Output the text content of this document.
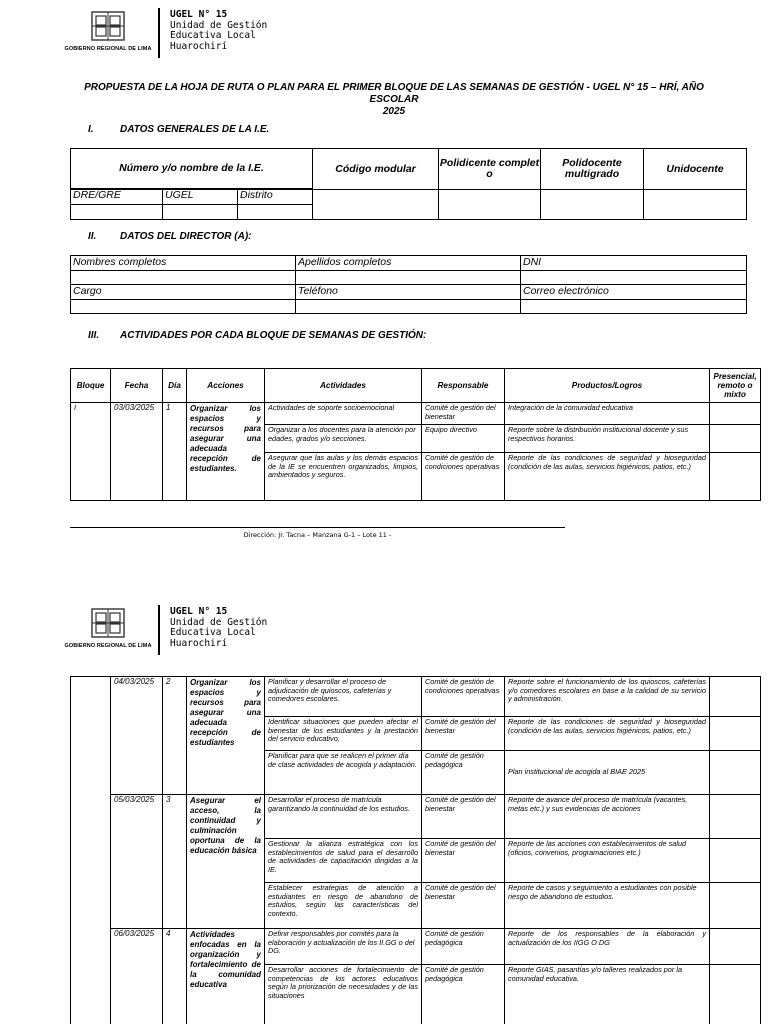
GOBIERNO REGIONAL DE LIMA
UGEL N° 15
Unidad de Gestión
Educativa Local
Huarochirí
PROPUESTA DE LA HOJA DE RUTA O PLAN PARA EL PRIMER BLOQUE DE LAS SEMANAS DE GESTIÓN - UGEL N° 15 – HRÍ, AÑO ESCOLAR
2025
I.	DATOS GENERALES DE LA I.E.
Número y/o nombre de la I.E.			Código modular	Polidicente complet o	Polidocente multigrado	Unidocente

DRE/GRE	UGEL	Distrito				

II. DATOS DEL DIRECTOR (A):
Nombres completos	Apellidos completos	DNI

Cargo	Teléfono	Correo electrónico

III. ACTIVIDADES POR CADA BLOQUE DE SEMANAS DE GESTIÓN:
Bloque	Fecha	Día	Acciones	Actividades	Responsable	Productos/Logros	Presencial, remoto o mixto
I	03/03/2025	1	Organizar los espacios y recursos para asegurar una adecuada recepción de estudiantes.	Actividades de soporte socioemocional	Comité de gestión del bienestar	Integración de la comunidad educativa	
				Organizar a los docentes para la atención por edades, grados y/o secciones.	Equipo directivo	Reporte sobre la distribución institucional docente y sus respectivos horarios.	
				Asegurar que las aulas y los demás espacios de la IE se encuentren organizados, limpios, ambientados y seguros.	Comité de gestión de condiciones operativas	Reporte de las condiciones de seguridad y bioseguridad (condición de las aulas, servicios higiénicos, patios, etc.)	
Dirección: Jr. Tacna – Manzana G-1 – Lote 11 -
GOBIERNO REGIONAL DE LIMA
UGEL N° 15
Unidad de Gestión
Educativa Local
Huarochirí
	04/03/2025	2	Organizar los espacios y recursos para asegurar una adecuada recepción de estudiantes	Planificar y desarrollar el proceso de adjudicación de quioscos, cafeterías y comedores escolares.	Comité de gestión de condiciones operativas	Reporte sobre el funcionamiento de los quioscos, cafeterías y/o comedores escolares en base a la calidad de su servicio y administración.	
				Identificar situaciones que pueden afectar el bienestar de los estudiantes y la prestación del servicio educativo.	Comité de gestión del bienestar	Reporte de las condiciones de seguridad y bioseguridad (condición de las aulas, servicios higiénicos, patios, etc.)	
				Planificar para que se realicen el primer día de clase actividades de acogida y adaptación.	Comité de gestión pedagógica	Plan institucional de acogida al BIAE 2025	
	05/03/2025	3	Asegurar el acceso, la continuidad y culminación oportuna de la educación básica	Desarrollar el proceso de matrícula garantizando la continuidad de los estudios.	Comité de gestión del bienestar	Reporte de avance del proceso de matrícula (vacantes, metas etc.) y sus evidencias de acciones	
				Gestionar la alianza estratégica con los establecimientos de salud para el desarrollo de actividades de capacitación dirigidas a la IE.	Comité de gestión del bienestar	Reporte de las acciones con establecimientos de salud (oficios, convenios, programaciones etc.)	
				Establecer estrategias de atención a estudiantes en riesgo de abandono de estudios, según las características del contexto.	Comité de gestión del bienestar	Reporte de casos y seguimiento a estudiantes con posible riesgo de abandono de estudios.	
	06/03/2025	4	Actividades enfocadas en la organización y fortalecimiento de la comunidad educativa	Definir responsables por comités para la elaboración y actualización de los II.GG o del DG.	Comité de gestión pedagógica	Reporte de los responsables de la elaboración y actualización de los IIGG O DG	
				Desarrollar acciones de fortalecimiento de competencias de los actores educativos según la priorización de necesidades y de las situaciones	Comité de gestión pedagógica	Reporte GIAS, pasantías y/o talleres realizados por la comunidad educativa.	
